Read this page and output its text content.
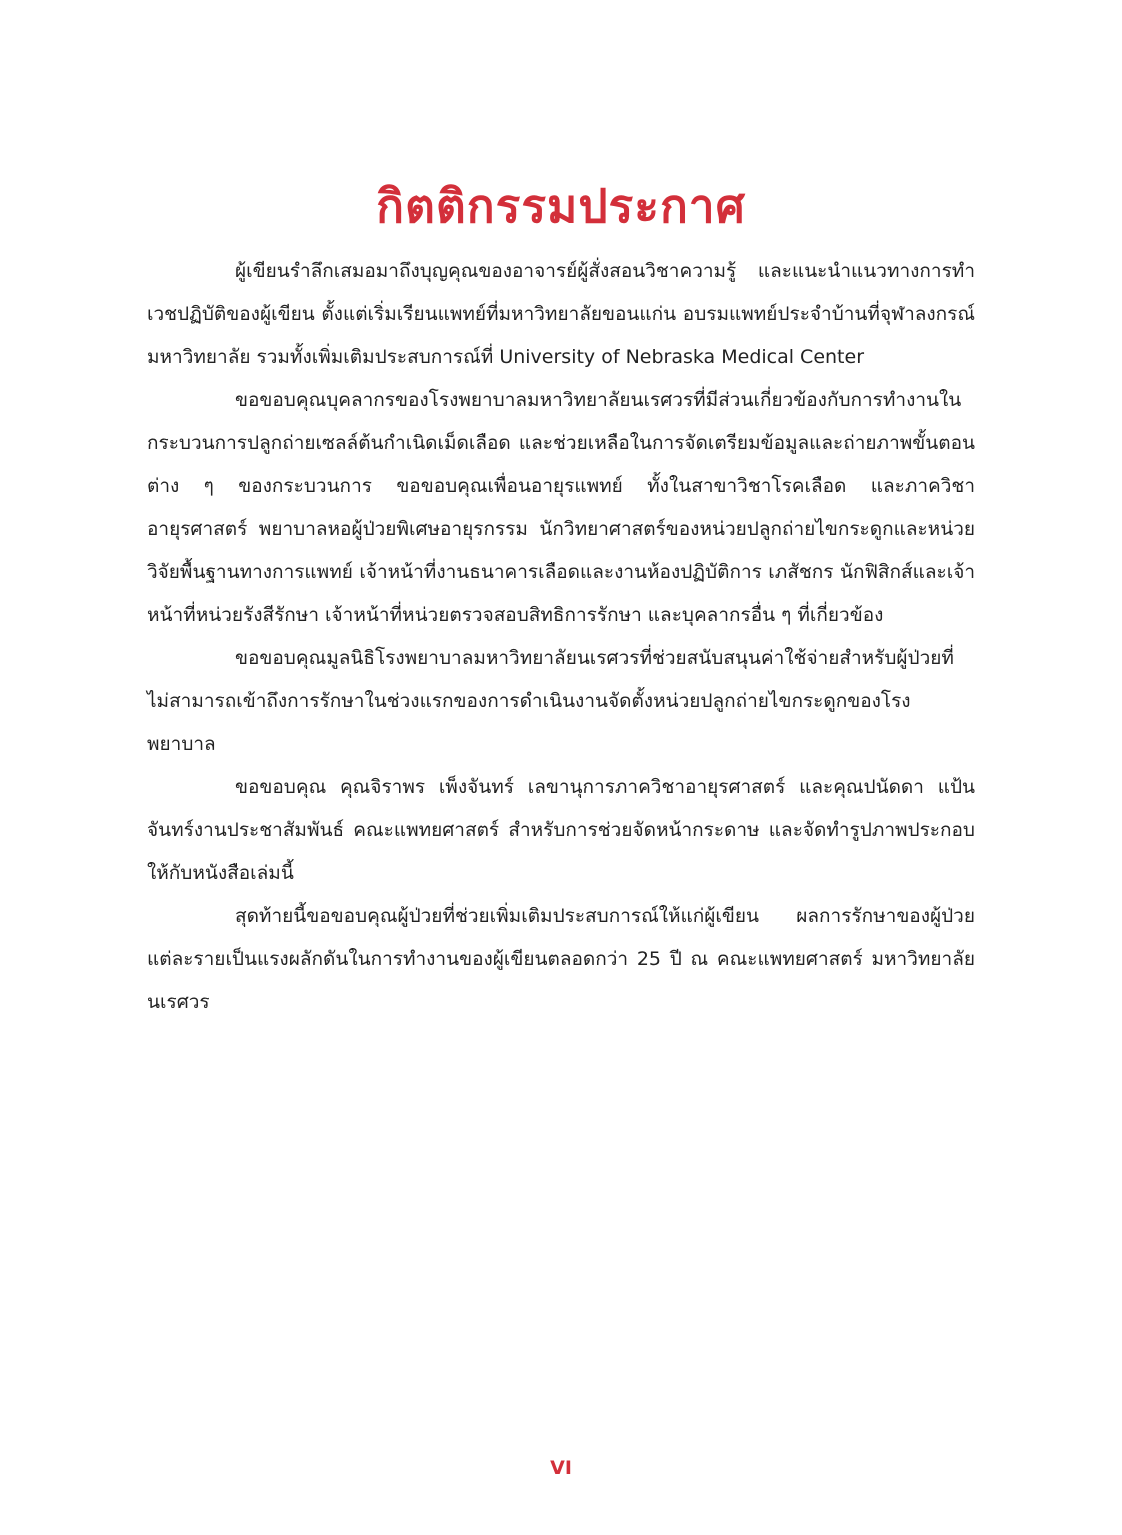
กิตติกรรมประกาศ

ผู้เขียนรำลึกเสมอมาถึงบุญคุณของอาจารย์ผู้สั่งสอนวิชาความรู้ และแนะนำแนวทางการทำเวชปฏิบัติของผู้เขียน ตั้งแต่เริ่มเรียนแพทย์ที่มหาวิทยาลัยขอนแก่น อบรมแพทย์ประจำบ้านที่จุฬาลงกรณ์มหาวิทยาลัย รวมทั้งเพิ่มเติมประสบการณ์ที่ University of Nebraska Medical Center

ขอขอบคุณบุคลากรของโรงพยาบาลมหาวิทยาลัยนเรศวรที่มีส่วนเกี่ยวข้องกับการทำงานในกระบวนการปลูกถ่ายเซลล์ต้นกำเนิดเม็ดเลือด และช่วยเหลือในการจัดเตรียมข้อมูลและถ่ายภาพขั้นตอนต่าง ๆ ของกระบวนการ ขอขอบคุณเพื่อนอายุรแพทย์ ทั้งในสาขาวิชาโรคเลือด และภาควิชาอายุรศาสตร์ พยาบาลหอผู้ป่วยพิเศษอายุรกรรม นักวิทยาศาสตร์ของหน่วยปลูกถ่ายไขกระดูกและหน่วยวิจัยพื้นฐานทางการแพทย์ เจ้าหน้าที่งานธนาคารเลือดและงานห้องปฏิบัติการ เภสัชกร นักฟิสิกส์และเจ้าหน้าที่หน่วยรังสีรักษา เจ้าหน้าที่หน่วยตรวจสอบสิทธิการรักษา และบุคลากรอื่น ๆ ที่เกี่ยวข้อง

ขอขอบคุณมูลนิธิโรงพยาบาลมหาวิทยาลัยนเรศวรที่ช่วยสนับสนุนค่าใช้จ่ายสำหรับผู้ป่วยที่ไม่สามารถเข้าถึงการรักษาในช่วงแรกของการดำเนินงานจัดตั้งหน่วยปลูกถ่ายไขกระดูกของโรงพยาบาล

ขอขอบคุณ คุณจิราพร เพ็งจันทร์ เลขานุการภาควิชาอายุรศาสตร์ และคุณปนัดดา แป้นจันทร์งานประชาสัมพันธ์ คณะแพทยศาสตร์ สำหรับการช่วยจัดหน้ากระดาษ และจัดทำรูปภาพประกอบให้กับหนังสือเล่มนี้

สุดท้ายนี้ขอขอบคุณผู้ป่วยที่ช่วยเพิ่มเติมประสบการณ์ให้แก่ผู้เขียน ผลการรักษาของผู้ป่วยแต่ละรายเป็นแรงผลักดันในการทำงานของผู้เขียนตลอดกว่า 25 ปี ณ คณะแพทยศาสตร์ มหาวิทยาลัยนเรศวร

VI
